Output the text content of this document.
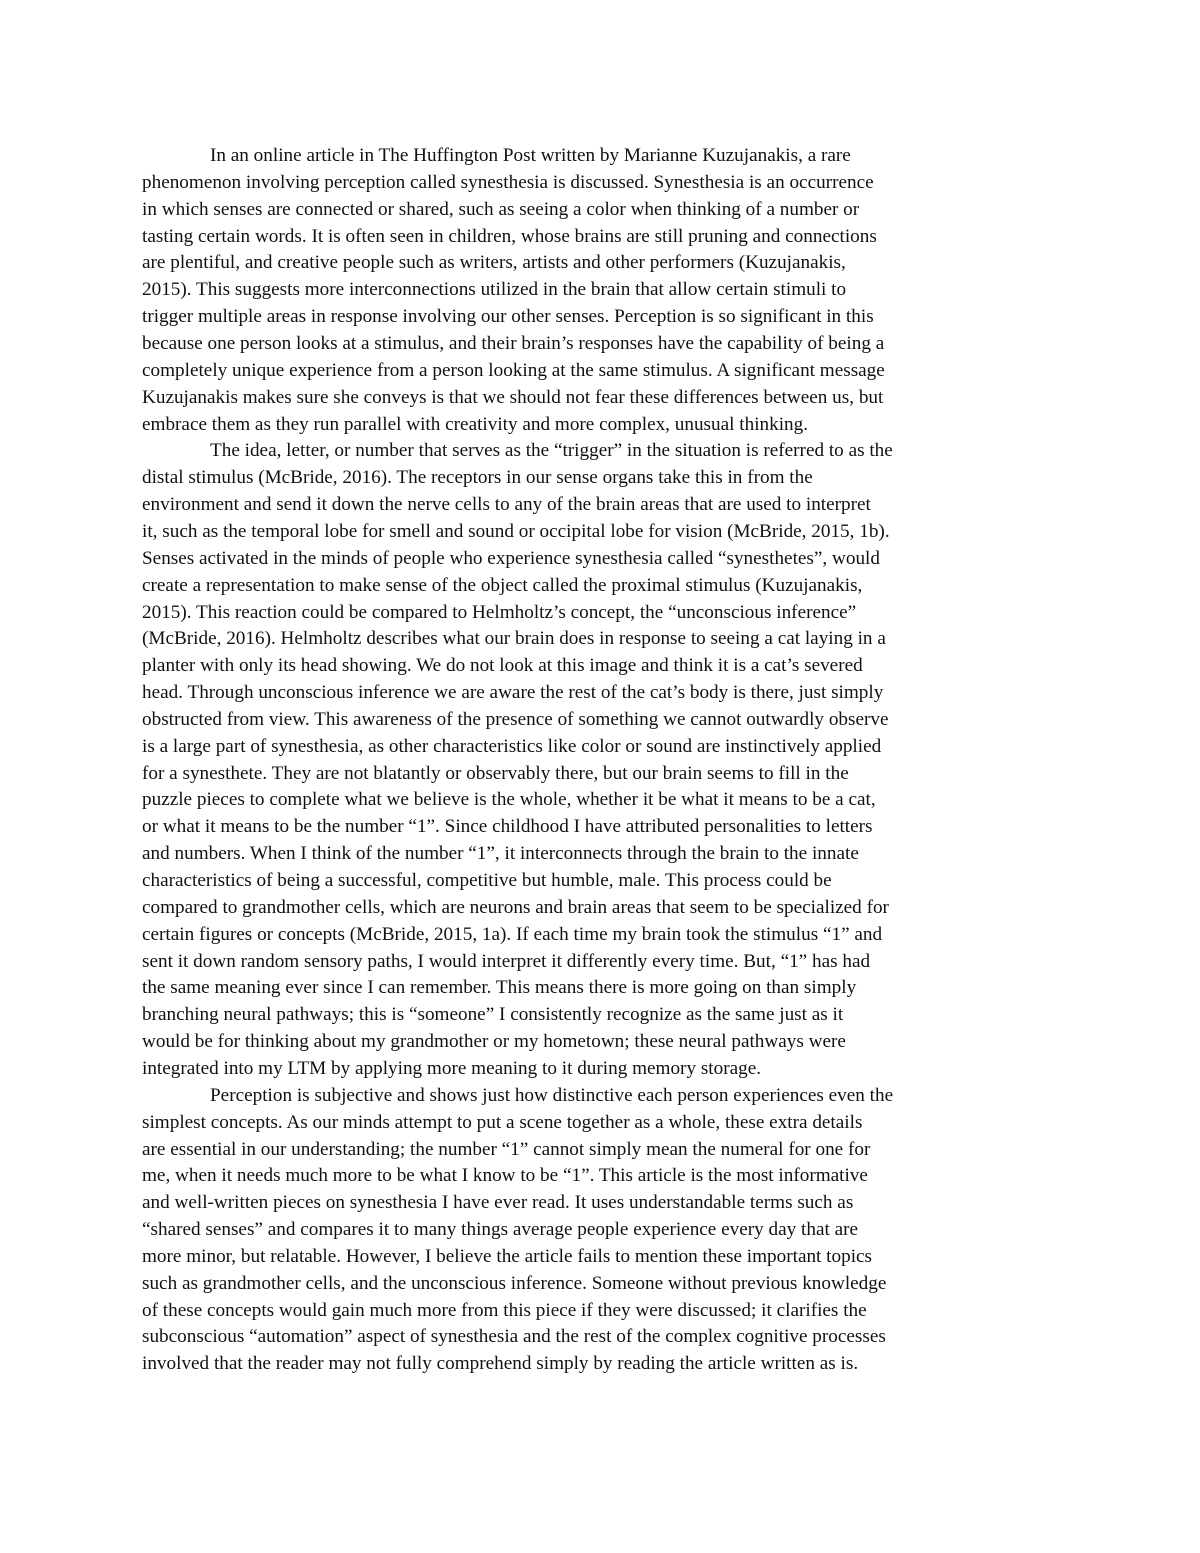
In an online article in The Huffington Post written by Marianne Kuzujanakis, a rare

phenomenon involving perception called synesthesia is discussed. Synesthesia is an occurrence

in which senses are connected or shared, such as seeing a color when thinking of a number or

tasting certain words. It is often seen in children, whose brains are still pruning and connections

are plentiful, and creative people such as writers, artists and other performers (Kuzujanakis,

2015). This suggests more interconnections utilized in the brain that allow certain stimuli to

trigger multiple areas in response involving our other senses. Perception is so significant in this

because one person looks at a stimulus, and their brain’s responses have the capability of being a

completely unique experience from a person looking at the same stimulus. A significant message

Kuzujanakis makes sure she conveys is that we should not fear these differences between us, but

embrace them as they run parallel with creativity and more complex, unusual thinking.

The idea, letter, or number that serves as the “trigger” in the situation is referred to as the

distal stimulus (McBride, 2016). The receptors in our sense organs take this in from the

environment and send it down the nerve cells to any of the brain areas that are used to interpret

it, such as the temporal lobe for smell and sound or occipital lobe for vision (McBride, 2015, 1b).

Senses activated in the minds of people who experience synesthesia called “synesthetes”, would

create a representation to make sense of the object called the proximal stimulus (Kuzujanakis,

2015). This reaction could be compared to Helmholtz’s concept, the “unconscious inference”

(McBride, 2016). Helmholtz describes what our brain does in response to seeing a cat laying in a

planter with only its head showing. We do not look at this image and think it is a cat’s severed

head. Through unconscious inference we are aware the rest of the cat’s body is there, just simply

obstructed from view. This awareness of the presence of something we cannot outwardly observe

is a large part of synesthesia, as other characteristics like color or sound are instinctively applied

for a synesthete. They are not blatantly or observably there, but our brain seems to fill in the

puzzle pieces to complete what we believe is the whole, whether it be what it means to be a cat,

or what it means to be the number “1”. Since childhood I have attributed personalities to letters

and numbers. When I think of the number “1”, it interconnects through the brain to the innate

characteristics of being a successful, competitive but humble, male. This process could be

compared to grandmother cells, which are neurons and brain areas that seem to be specialized for

certain figures or concepts (McBride, 2015, 1a). If each time my brain took the stimulus “1” and

sent it down random sensory paths, I would interpret it differently every time. But, “1” has had

the same meaning ever since I can remember. This means there is more going on than simply

branching neural pathways; this is “someone” I consistently recognize as the same just as it

would be for thinking about my grandmother or my hometown; these neural pathways were

integrated into my LTM by applying more meaning to it during memory storage.

Perception is subjective and shows just how distinctive each person experiences even the

simplest concepts. As our minds attempt to put a scene together as a whole, these extra details

are essential in our understanding; the number “1” cannot simply mean the numeral for one for

me, when it needs much more to be what I know to be “1”. This article is the most informative

and well-written pieces on synesthesia I have ever read. It uses understandable terms such as

“shared senses” and compares it to many things average people experience every day that are

more minor, but relatable. However, I believe the article fails to mention these important topics

such as grandmother cells, and the unconscious inference. Someone without previous knowledge

of these concepts would gain much more from this piece if they were discussed; it clarifies the

subconscious “automation” aspect of synesthesia and the rest of the complex cognitive processes

involved that the reader may not fully comprehend simply by reading the article written as is.
